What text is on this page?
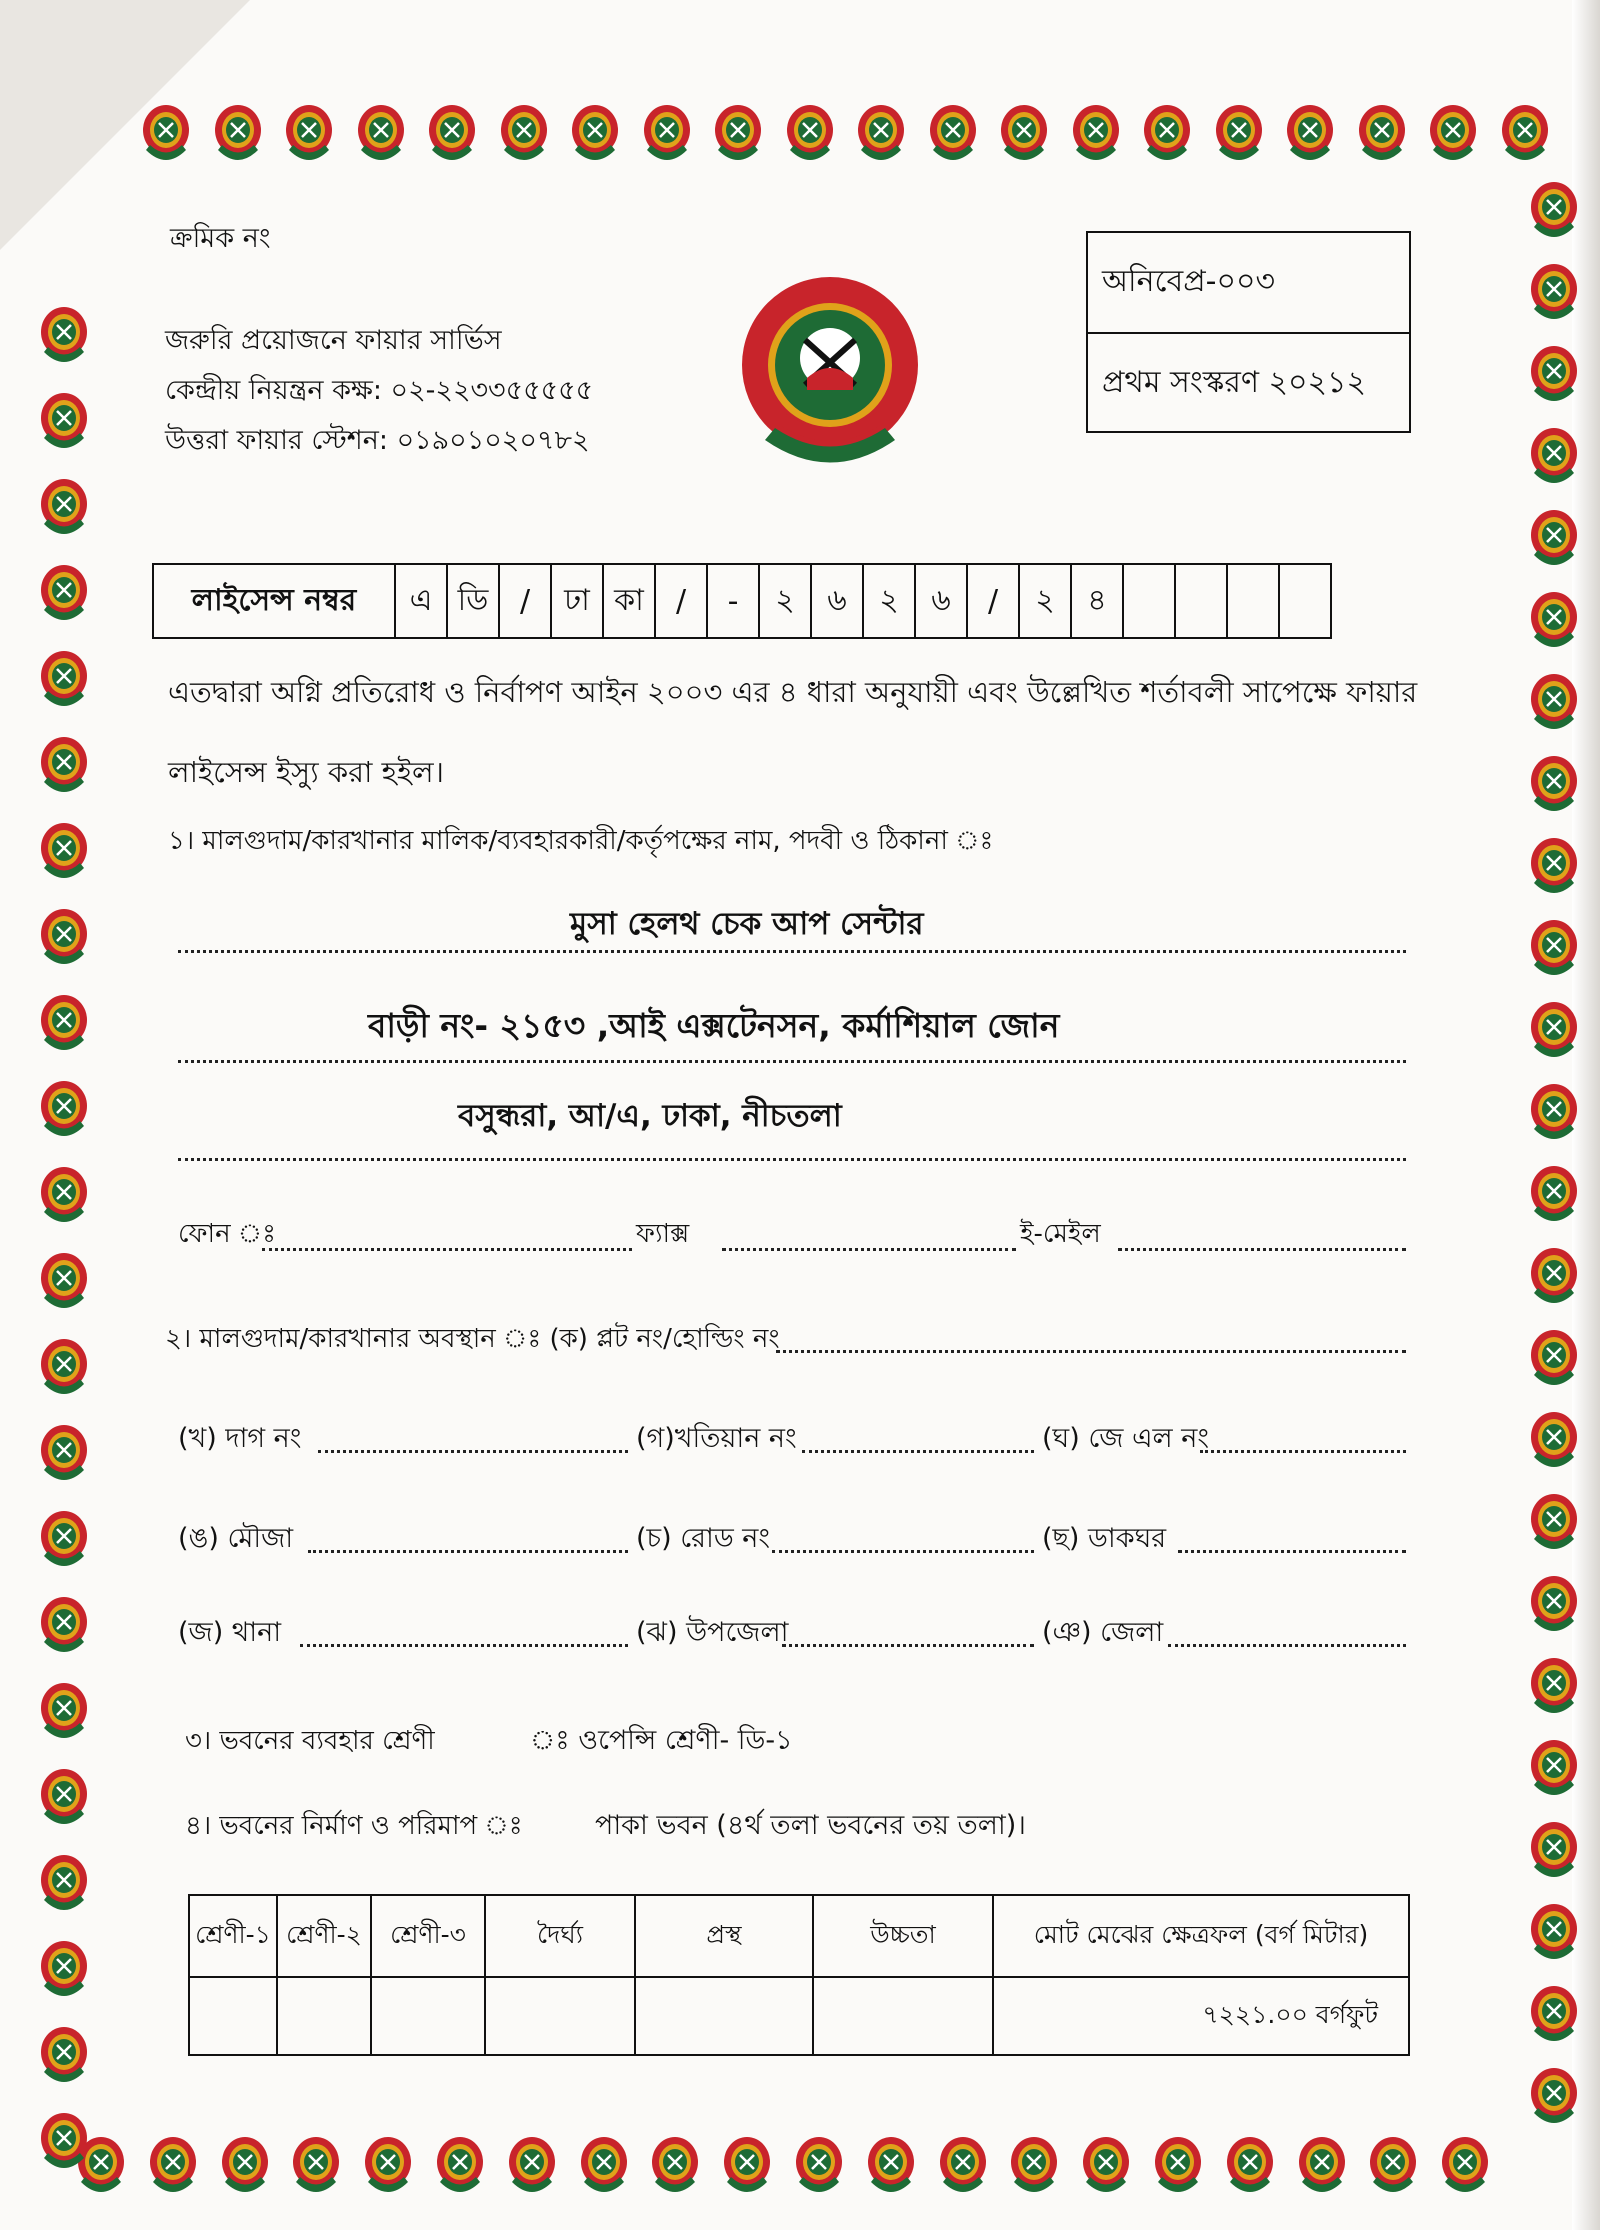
ক্রমিক নং
জরুরি প্রয়োজনে ফায়ার সার্ভিস
কেন্দ্রীয় নিয়ন্ত্রন কক্ষ: ০২-২২৩৩৫৫৫৫৫
উত্তরা ফায়ার স্টেশন: ০১৯০১০২০৭৮২
অনিবেপ্র-০০৩
প্রথম সংস্করণ ২০২১২
লাইসেন্স নম্বর	এ ডি	/	ঢা কা	/	-	২	৬	২	৬	/	২	৪
এতদ্বারা অগ্নি প্রতিরোধ ও নির্বাপণ আইন ২০০৩ এর ৪ ধারা অনুযায়ী এবং উল্লেখিত শর্তাবলী সাপেক্ষে ফায়ার
লাইসেন্স ইস্যু করা হইল।
১। মালগুদাম/কারখানার মালিক/ব্যবহারকারী/কর্তৃপক্ষের নাম, পদবী ও ঠিকানা ঃ
মুসা হেলথ চেক আপ সেন্টার
বাড়ী নং- ২১৫৩ ,আই এক্সটেনসন, কর্মাশিয়াল জোন
বসুন্ধরা, আ/এ, ঢাকা, নীচতলা
ফোন ঃ	ফ্যাক্স	ই-মেইল
২। মালগুদাম/কারখানার অবস্থান ঃ (ক) প্লট নং/হোল্ডিং নং
(খ) দাগ নং	(গ)খতিয়ান নং	(ঘ) জে এল নং
(ঙ) মৌজা	(চ) রোড নং	(ছ) ডাকঘর
(জ) থানা	(ঝ) উপজেলা	(ঞ) জেলা
৩। ভবনের ব্যবহার শ্রেণী	ঃ ওপেন্সি শ্রেণী- ডি-১
৪। ভবনের নির্মাণ ও পরিমাপ ঃ	পাকা ভবন (৪র্থ তলা ভবনের তয় তলা)।
শ্রেণী-১	শ্রেণী-২	শ্রেণী-৩	দৈর্ঘ্য	প্রস্থ	উচ্চতা	মোট মেঝের ক্ষেত্রফল (বর্গ মিটার)
						৭২২১.০০ বর্গফুট
